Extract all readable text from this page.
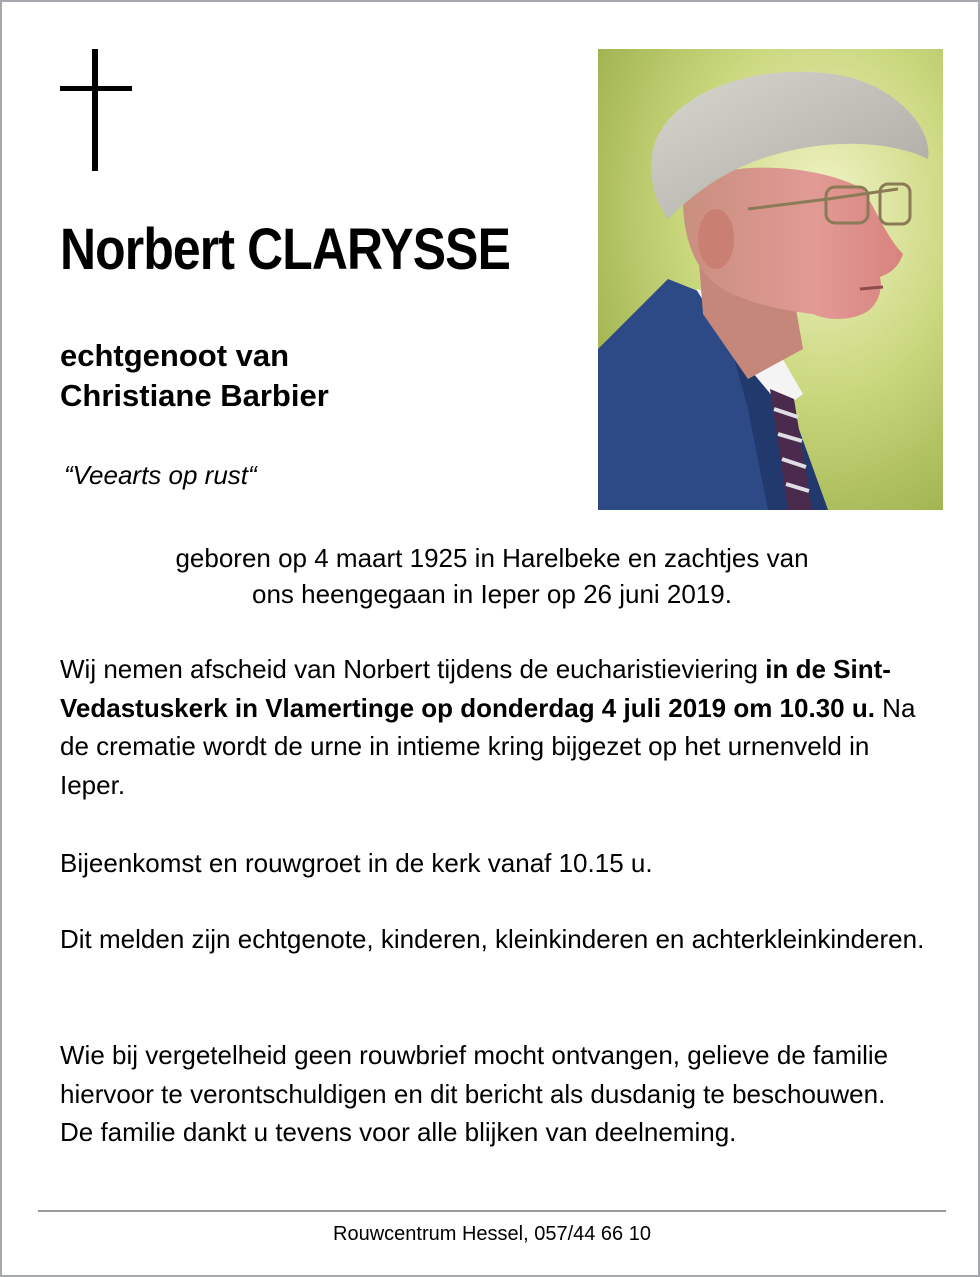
Norbert CLARYSSE
echtgenoot van
Christiane Barbier
“Veearts op rust“
geboren op 4 maart 1925 in Harelbeke en zachtjes van
ons heengegaan in Ieper op 26 juni 2019.
Wij nemen afscheid van Norbert tijdens de eucharistieviering in de Sint-Vedastuskerk in Vlamertinge op donderdag 4 juli 2019 om 10.30 u. Na de crematie wordt de urne in intieme kring bijgezet op het urnenveld in Ieper.
Bijeenkomst en rouwgroet in de kerk vanaf 10.15 u.
Dit melden zijn echtgenote, kinderen, kleinkinderen en achterkleinkinderen.
Wie bij vergetelheid geen rouwbrief mocht ontvangen, gelieve de familie hiervoor te verontschuldigen en dit bericht als dusdanig te beschouwen.
De familie dankt u tevens voor alle blijken van deelneming.
Rouwcentrum Hessel, 057/44 66 10
